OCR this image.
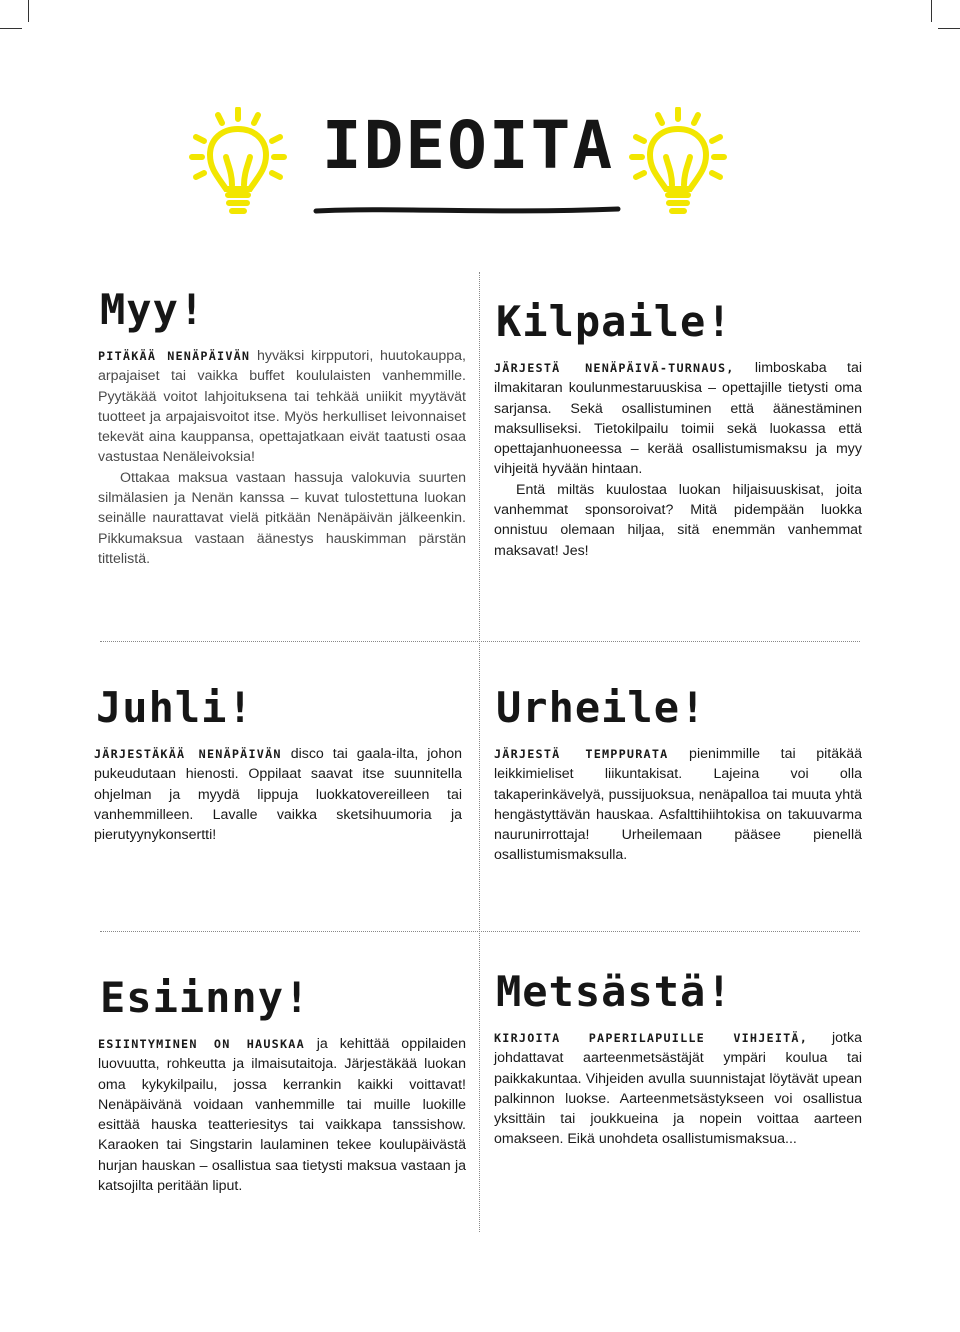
IDEOITA
Myy!

PITÄKÄÄ NENÄPÄIVÄN hyväksi kirpputori, huutokauppa, arpajaiset tai vaikka buffet koululaisten vanhemmille. Pyytäkää voitot lahjoituksena tai tehkää uniikit myytävät tuotteet ja arpajaisvoitot itse. Myös herkulliset leivonnaiset tekevät aina kauppansa, opettajatkaan eivät taatusti osaa vastustaa Nenäleivoksia!
Ottakaa maksua vastaan hassuja valokuvia suurten silmälasien ja Nenän kanssa – kuvat tulostettuna luokan seinälle naurattavat vielä pitkään Nenäpäivän jälkeenkin. Pikkumaksua vastaan äänestys hauskimman pärstän tittelistä.

Kilpaile!

JÄRJESTÄ NENÄPÄIVÄ-TURNAUS, limboskaba tai ilmakitaran koulunmestaruuskisa – opettajille tietysti oma sarjansa. Sekä osallistuminen että äänestäminen maksulliseksi. Tietokilpailu toimii sekä luokassa että opettajanhuoneessa – kerää osallistumismaksu ja myy vihjeitä hyvään hintaan.
Entä miltäs kuulostaa luokan hiljaisuuskisat, joita vanhemmat sponsoroivat? Mitä pidempään luokka onnistuu olemaan hiljaa, sitä enemmän vanhemmat maksavat! Jes!

Juhli!

JÄRJESTÄKÄÄ NENÄPÄIVÄN disco tai gaala-ilta, johon pukeudutaan hienosti. Oppilaat saavat itse suunnitella ohjelman ja myydä lippuja luokkatovereilleen tai vanhemmilleen. Lavalle vaikka sketsihuumoria ja pierutyynykonsertti!

Urheile!

JÄRJESTÄ TEMPPURATA pienimmille tai pitäkää leikkimieliset liikuntakisat. Lajeina voi olla takaperinkävelyä, pussijuoksua, nenäpalloa tai muuta yhtä hengästyttävän hauskaa. Asfalttihiihtokisa on takuuvarma naurunirrottaja! Urheilemaan pääsee pienellä osallistumismaksulla.

Esiinny!

ESIINTYMINEN ON HAUSKAA ja kehittää oppilaiden luovuutta, rohkeutta ja ilmaisutaitoja. Järjestäkää luokan oma kykykilpailu, jossa kerrankin kaikki voittavat! Nenäpäivänä voidaan vanhemmille tai muille luokille esittää hauska teatteriesitys tai vaikkapa tanssishow. Karaoken tai Singstarin laulaminen tekee koulupäivästä hurjan hauskan – osallistua saa tietysti maksua vastaan ja katsojilta peritään liput.

Metsästä!

KIRJOITA PAPERILAPUILLE VIHJEITÄ, jotka johdattavat aarteenmetsästäjät ympäri koulua tai paikkakuntaa. Vihjeiden avulla suunnistajat löytävät upean palkinnon luokse. Aarteenmetsästykseen voi osallistua yksittäin tai joukkueina ja nopein voittaa aarteen omakseen. Eikä unohdeta osallistumismaksua...
